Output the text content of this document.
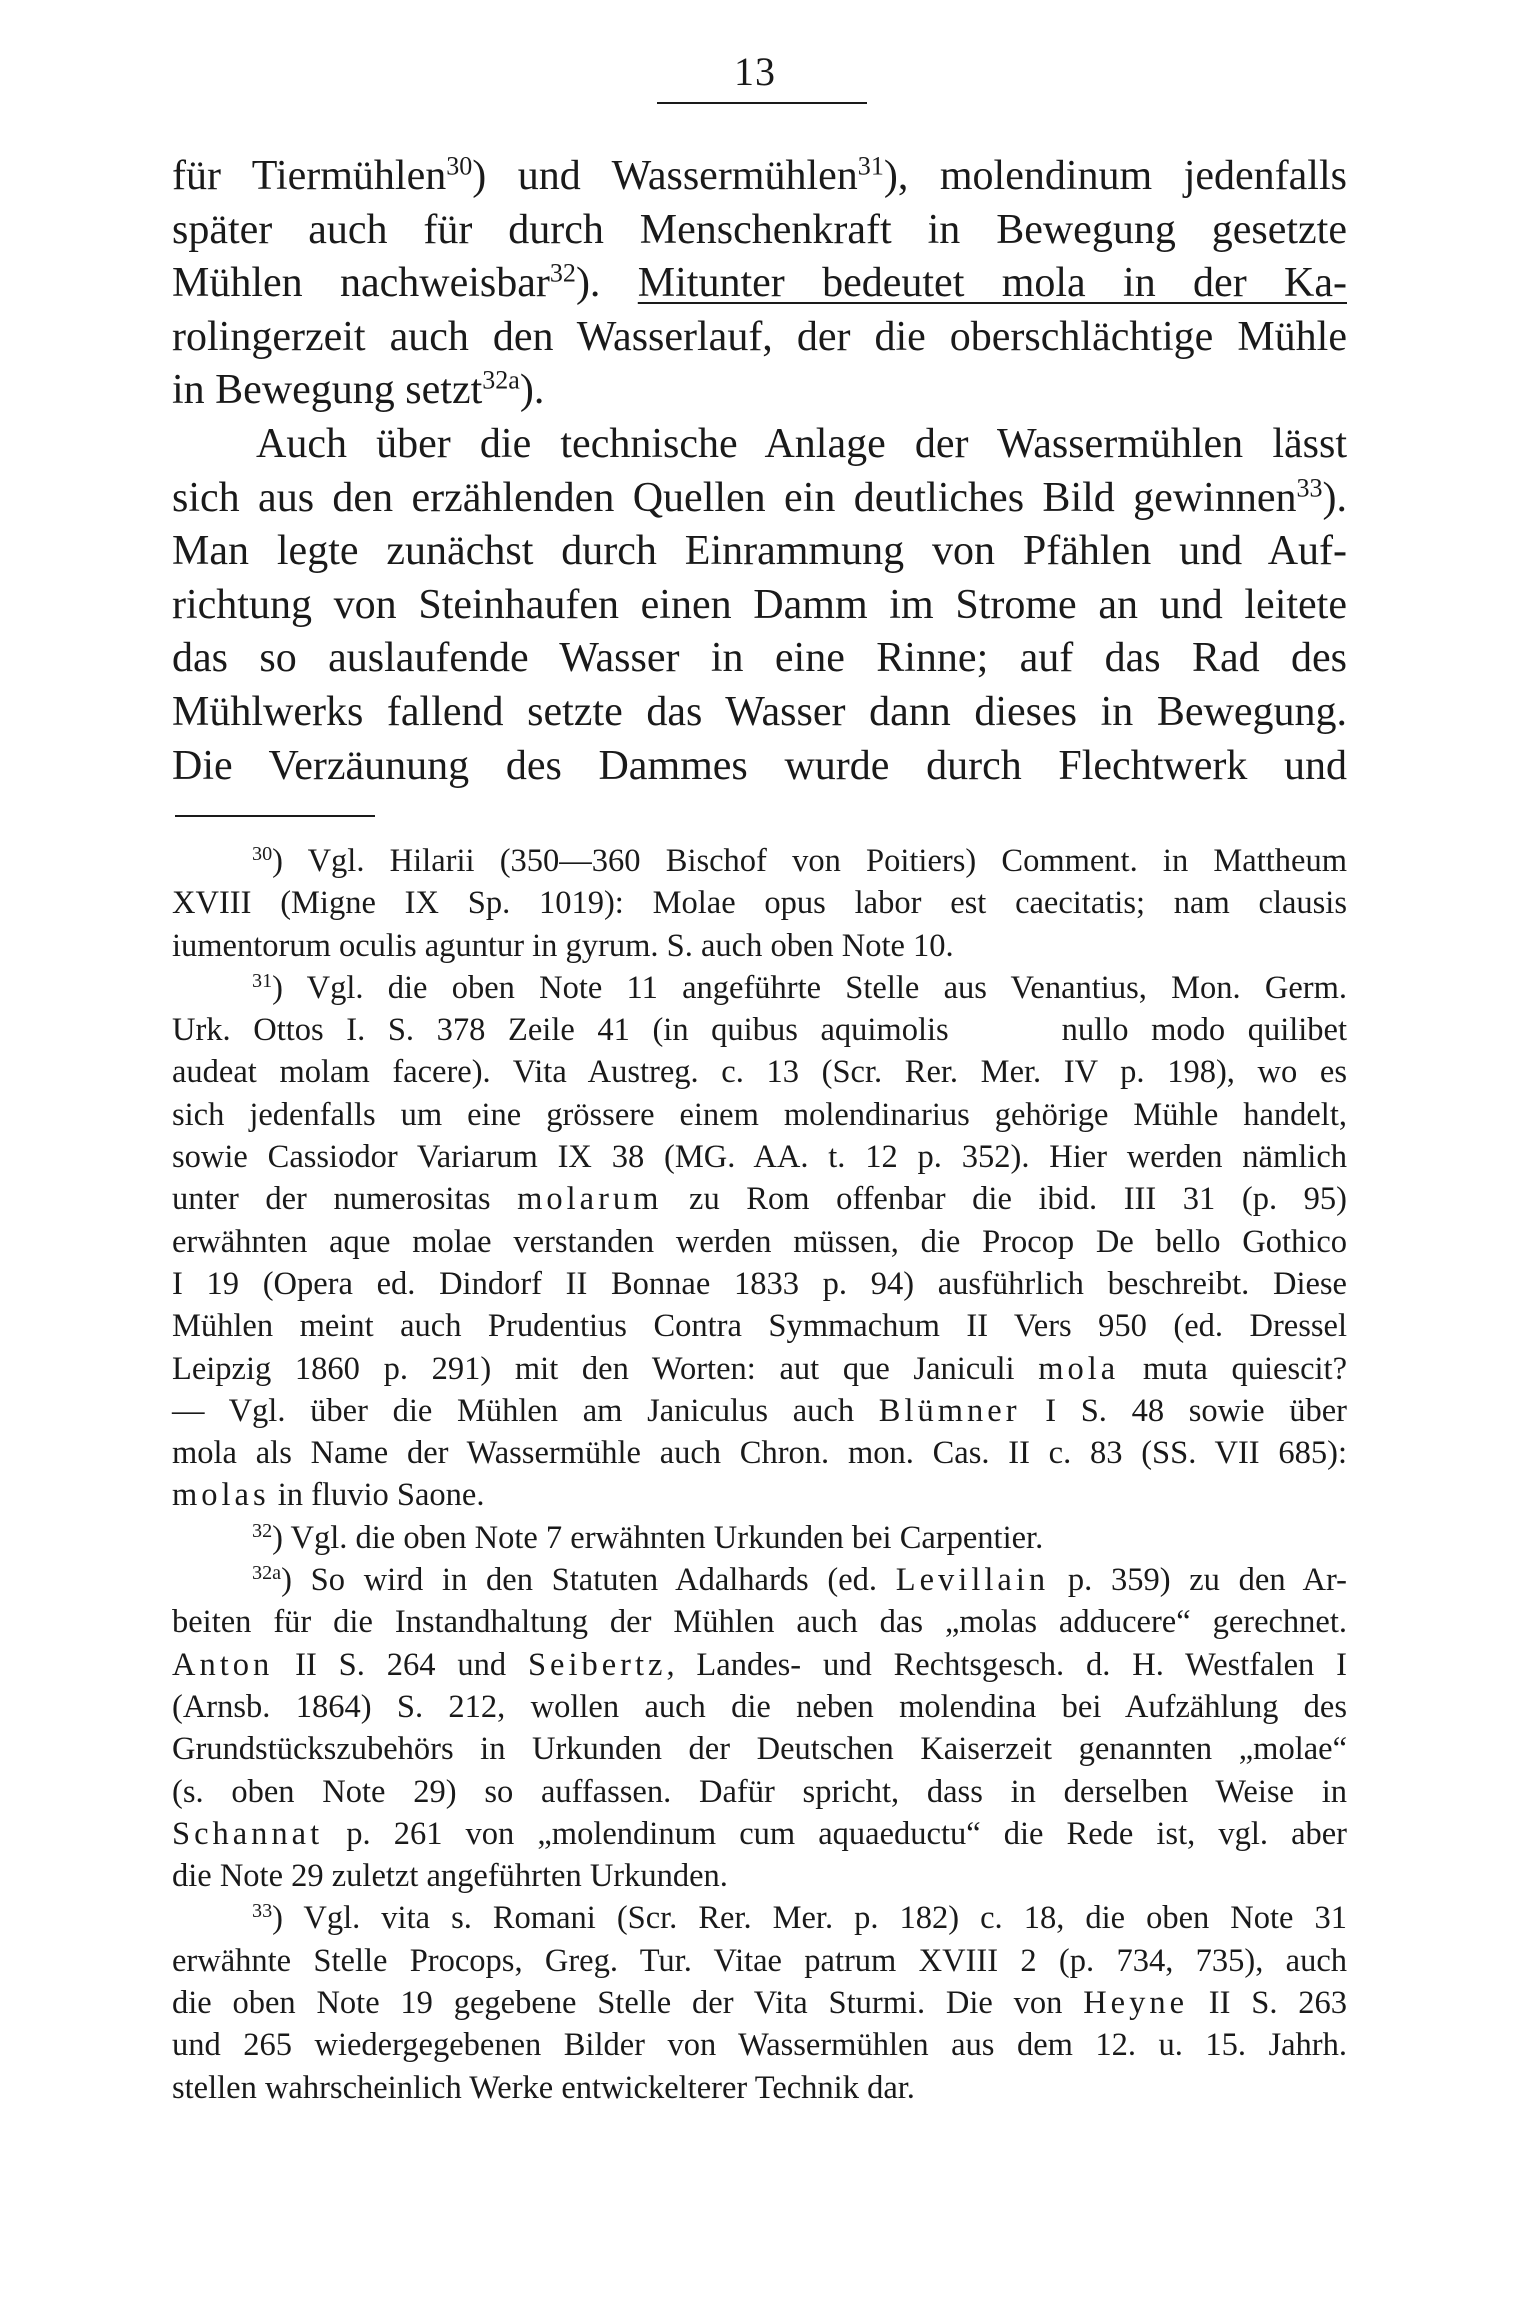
13
für Tiermühlen$^{30}$) und Wassermühlen$^{31}$), molendinum jedenfalls
später auch für durch Menschenkraft in Bewegung gesetzte
Mühlen nachweisbar$^{32}$). Mitunter bedeutet mola in der Ka-
rolingerzeit auch den Wasserlauf, der die oberschlächtige Mühle
in Bewegung setzt$^{32a}$).
Auch über die technische Anlage der Wassermühlen lässt
sich aus den erzählenden Quellen ein deutliches Bild gewinnen$^{33}$).
Man legte zunächst durch Einrammung von Pfählen und Auf-
richtung von Steinhaufen einen Damm im Strome an und leitete
das so auslaufende Wasser in eine Rinne; auf das Rad des
Mühlwerks fallend setzte das Wasser dann dieses in Bewegung.
Die Verzäunung des Dammes wurde durch Flechtwerk und
$^{30}$) Vgl. Hilarii (350—360 Bischof von Poitiers) Comment. in Mattheum
XVIII (Migne IX Sp. 1019): Molae opus labor est caecitatis; nam clausis
iumentorum oculis aguntur in gyrum. S. auch oben Note 10.
$^{31}$) Vgl. die oben Note 11 angeführte Stelle aus Venantius, Mon. Germ.
Urk. Ottos I. S. 378 Zeile 41 (in quibus aquimolis     nullo modo quilibet
audeat molam facere). Vita Austreg. c. 13 (Scr. Rer. Mer. IV p. 198), wo es
sich jedenfalls um eine grössere einem molendinarius gehörige Mühle handelt,
sowie Cassiodor Variarum IX 38 (MG. AA. t. 12 p. 352). Hier werden nämlich
unter der numerositas molarum zu Rom offenbar die ibid. III 31 (p. 95)
erwähnten aque molae verstanden werden müssen, die Procop De bello Gothico
I 19 (Opera ed. Dindorf II Bonnae 1833 p. 94) ausführlich beschreibt. Diese
Mühlen meint auch Prudentius Contra Symmachum II Vers 950 (ed. Dressel
Leipzig 1860 p. 291) mit den Worten: aut que Janiculi mola muta quiescit?
— Vgl. über die Mühlen am Janiculus auch Blümner I S. 48 sowie über
mola als Name der Wassermühle auch Chron. mon. Cas. II c. 83 (SS. VII 685):
molas in fluvio Saone.
$^{32}$) Vgl. die oben Note 7 erwähnten Urkunden bei Carpentier.
$^{32a}$) So wird in den Statuten Adalhards (ed. Levillain p. 359) zu den Ar-
beiten für die Instandhaltung der Mühlen auch das „molas adducere“ gerechnet.
Anton II S. 264 und Seibertz, Landes- und Rechtsgesch. d. H. Westfalen I
(Arnsb. 1864) S. 212, wollen auch die neben molendina bei Aufzählung des
Grundstückszubehörs in Urkunden der Deutschen Kaiserzeit genannten „molae“
(s. oben Note 29) so auffassen. Dafür spricht, dass in derselben Weise in
Schannat p. 261 von „molendinum cum aquaeductu“ die Rede ist, vgl. aber
die Note 29 zuletzt angeführten Urkunden.
$^{33}$) Vgl. vita s. Romani (Scr. Rer. Mer. p. 182) c. 18, die oben Note 31
erwähnte Stelle Procops, Greg. Tur. Vitae patrum XVIII 2 (p. 734, 735), auch
die oben Note 19 gegebene Stelle der Vita Sturmi. Die von Heyne II S. 263
und 265 wiedergegebenen Bilder von Wassermühlen aus dem 12. u. 15. Jahrh.
stellen wahrscheinlich Werke entwickelterer Technik dar.
